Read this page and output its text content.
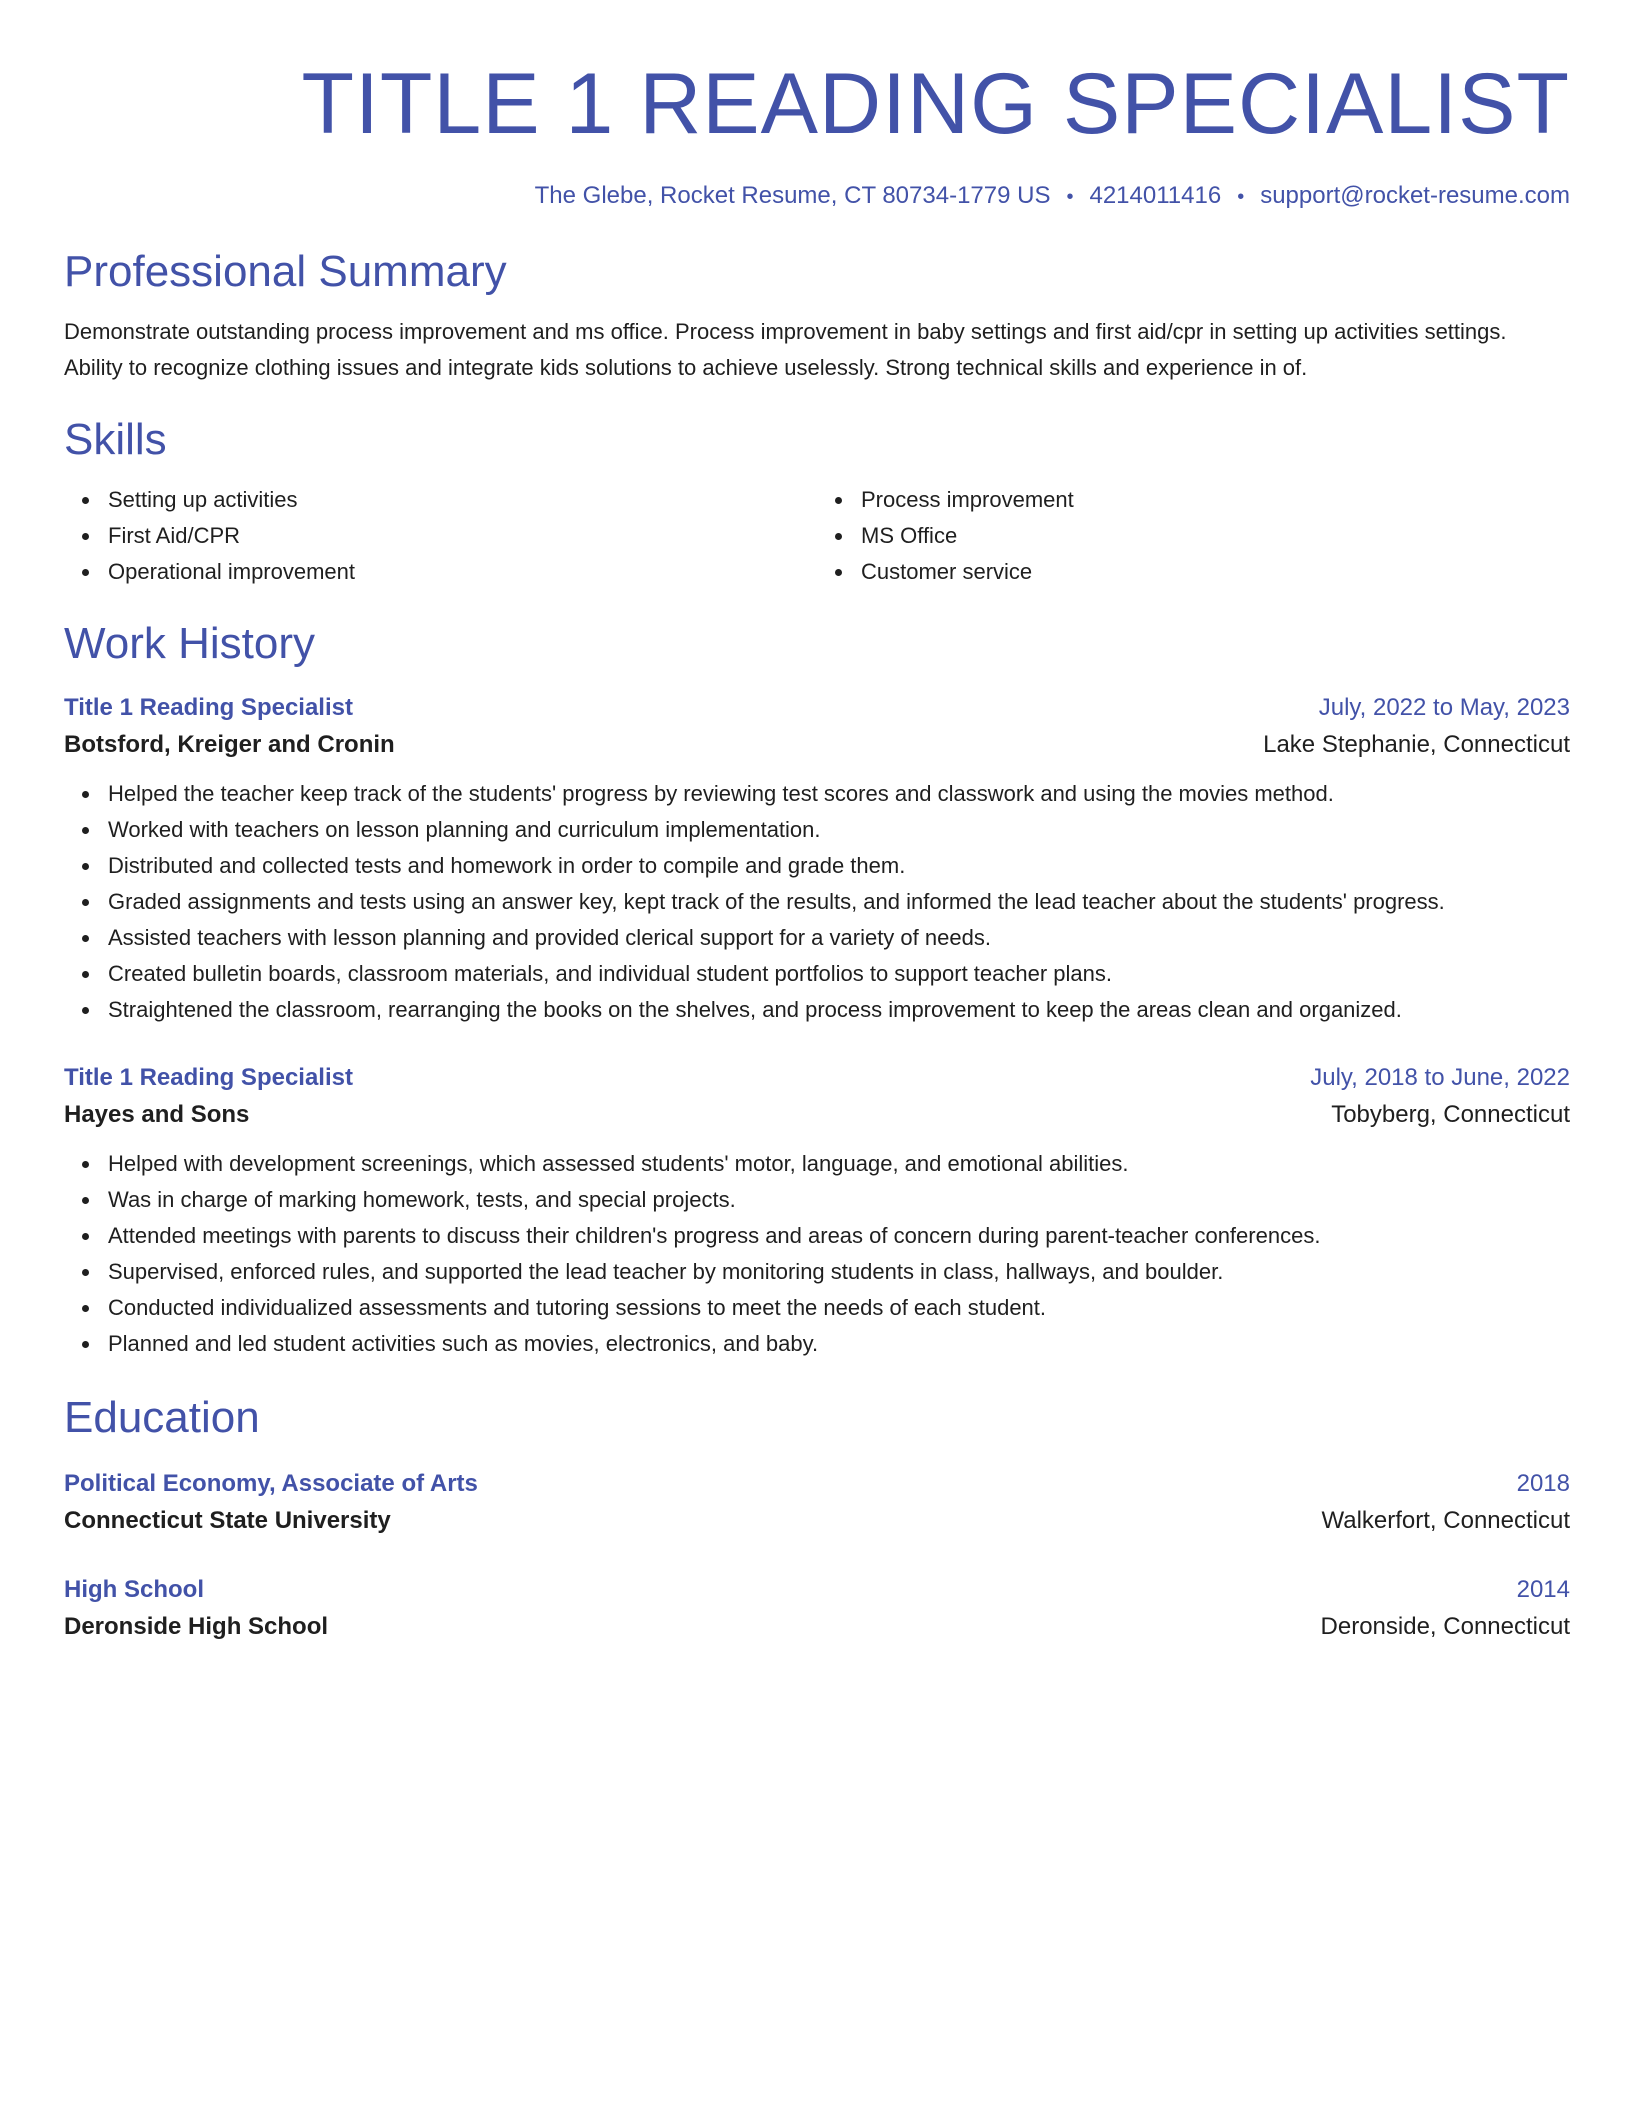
TITLE 1 READING SPECIALIST
The Glebe, Rocket Resume, CT 80734-1779 US • 4214011416 • support@rocket-resume.com
Professional Summary
Demonstrate outstanding process improvement and ms office. Process improvement in baby settings and first aid/cpr in setting up activities settings. Ability to recognize clothing issues and integrate kids solutions to achieve uselessly. Strong technical skills and experience in of.
Skills
Setting up activities
First Aid/CPR
Operational improvement
Process improvement
MS Office
Customer service
Work History
Title 1 Reading Specialist	July, 2022 to May, 2023
Botsford, Kreiger and Cronin	Lake Stephanie, Connecticut
Helped the teacher keep track of the students' progress by reviewing test scores and classwork and using the movies method.
Worked with teachers on lesson planning and curriculum implementation.
Distributed and collected tests and homework in order to compile and grade them.
Graded assignments and tests using an answer key, kept track of the results, and informed the lead teacher about the students' progress.
Assisted teachers with lesson planning and provided clerical support for a variety of needs.
Created bulletin boards, classroom materials, and individual student portfolios to support teacher plans.
Straightened the classroom, rearranging the books on the shelves, and process improvement to keep the areas clean and organized.
Title 1 Reading Specialist	July, 2018 to June, 2022
Hayes and Sons	Tobyberg, Connecticut
Helped with development screenings, which assessed students' motor, language, and emotional abilities.
Was in charge of marking homework, tests, and special projects.
Attended meetings with parents to discuss their children's progress and areas of concern during parent-teacher conferences.
Supervised, enforced rules, and supported the lead teacher by monitoring students in class, hallways, and boulder.
Conducted individualized assessments and tutoring sessions to meet the needs of each student.
Planned and led student activities such as movies, electronics, and baby.
Education
Political Economy, Associate of Arts	2018
Connecticut State University	Walkerfort, Connecticut
High School	2014
Deronside High School	Deronside, Connecticut
